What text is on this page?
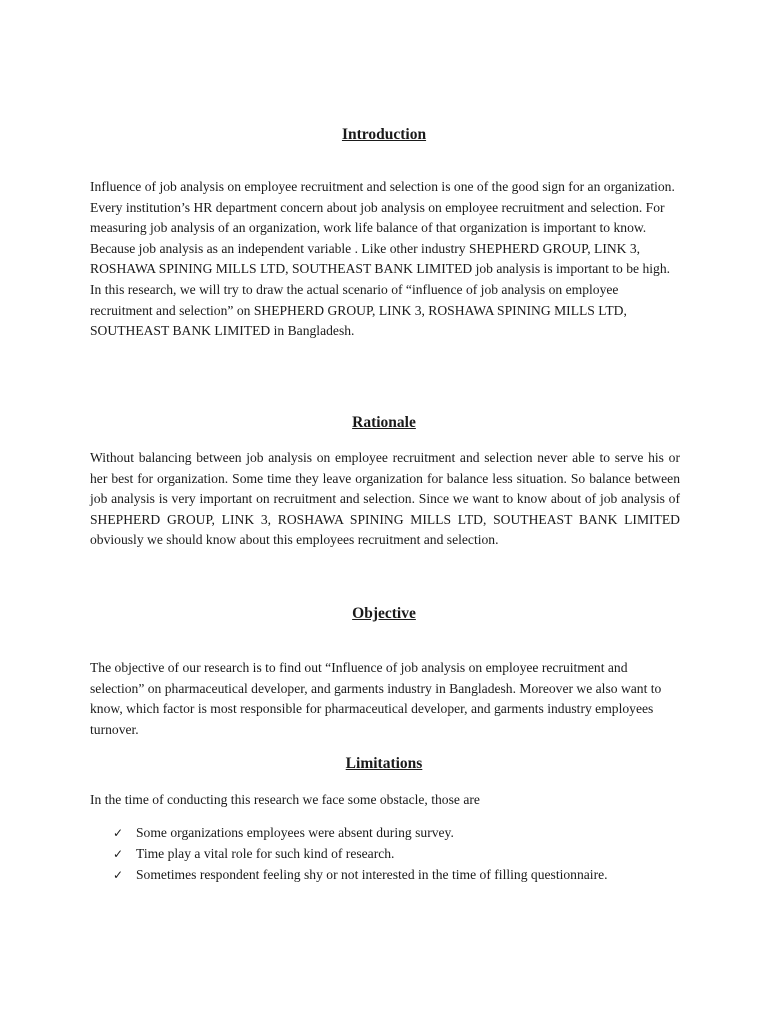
Introduction

Influence of job analysis on employee recruitment and selection is one of the good sign for an organization. Every institution’s HR department concern about job analysis on employee recruitment and selection. For measuring job analysis of an organization, work life balance of that organization is important to know. Because job analysis as an independent variable . Like other industry SHEPHERD GROUP, LINK 3, ROSHAWA SPINING MILLS LTD, SOUTHEAST BANK LIMITED job analysis is important to be high. In this research, we will try to draw the actual scenario of “influence of job analysis on employee recruitment and selection” on SHEPHERD GROUP, LINK 3, ROSHAWA SPINING MILLS LTD, SOUTHEAST BANK LIMITED in Bangladesh.

Rationale

Without balancing between job analysis on employee recruitment and selection never able to serve his or her best for organization. Some time they leave organization for balance less situation. So balance between job analysis is very important on recruitment and selection. Since we want to know about of job analysis of SHEPHERD GROUP, LINK 3, ROSHAWA SPINING MILLS LTD, SOUTHEAST BANK LIMITED obviously we should know about this employees recruitment and selection.

Objective

The objective of our research is to find out “Influence of job analysis on employee recruitment and selection” on pharmaceutical developer, and garments industry in Bangladesh. Moreover we also want to know, which factor is most responsible for pharmaceutical developer, and garments industry employees turnover.

Limitations

In the time of conducting this research we face some obstacle, those are

✓ Some organizations employees were absent during survey.
✓ Time play a vital role for such kind of research.
✓ Sometimes respondent feeling shy or not interested in the time of filling questionnaire.
